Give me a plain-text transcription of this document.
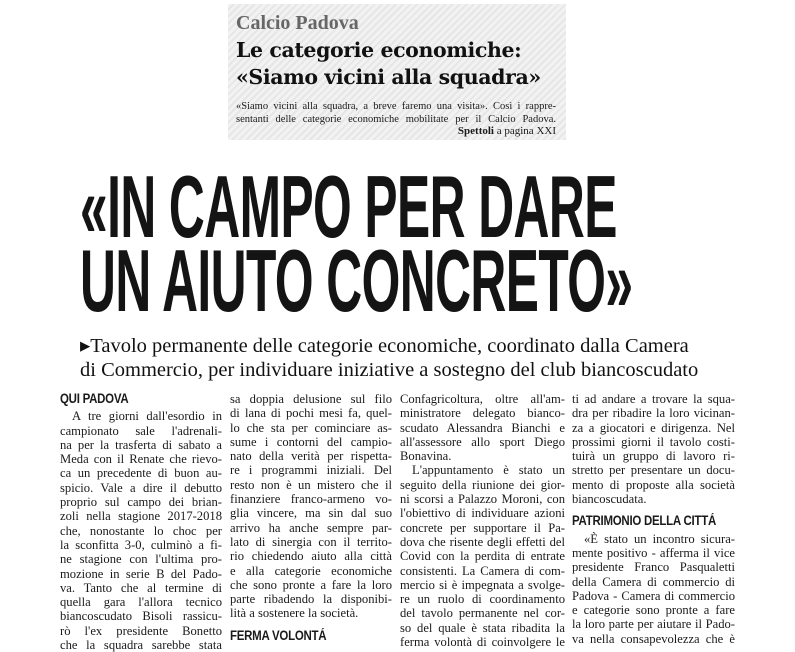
Calcio Padova
Le categorie economiche:
«Siamo vicini alla squadra»
«Siamo vicini alla squadra, a breve faremo una visita». Così i rappre-
sentanti delle categorie economiche mobilitate per il Calcio Padova.
Spettoli a pagina XXI
«IN CAMPO PER DARE
UN AIUTO CONCRETO»
▸Tavolo permanente delle categorie economiche, coordinato dalla Camera
di Commercio, per individuare iniziative a sostegno del club biancoscudato
QUI PADOVA
A tre giorni dall'esordio in
campionato sale l'adrenali-
na per la trasferta di sabato a
Meda con il Renate che rievo-
ca un precedente di buon au-
spicio. Vale a dire il debutto
proprio sul campo dei brian-
zoli nella stagione 2017-2018
che, nonostante lo choc per
la sconfitta 3-0, culminò a fi-
ne stagione con l'ultima pro-
mozione in serie B del Pado-
va. Tanto che al termine di
quella gara l'allora tecnico
biancoscudato Bisoli rassicu-
rò l'ex presidente Bonetto
che la squadra sarebbe stata
sa doppia delusione sul filo
di lana di pochi mesi fa, quel-
lo che sta per cominciare as-
sume i contorni del campio-
nato della verità per rispetta-
re i programmi iniziali. Del
resto non è un mistero che il
finanziere franco-armeno vo-
glia vincere, ma sin dal suo
arrivo ha anche sempre par-
lato di sinergia con il territo-
rio chiedendo aiuto alla città
e alla categorie economiche
che sono pronte a fare la loro
parte ribadendo la disponibi-
lità a sostenere la società.
FERMA VOLONTÁ
Confagricoltura, oltre all'am-
ministratore delegato bianco-
scudato Alessandra Bianchi e
all'assessore allo sport Diego
Bonavina.
L'appuntamento è stato un
seguito della riunione dei gior-
ni scorsi a Palazzo Moroni, con
l'obiettivo di individuare azioni
concrete per supportare il Pa-
dova che risente degli effetti del
Covid con la perdita di entrate
consistenti. La Camera di com-
mercio si è impegnata a svolge-
re un ruolo di coordinamento
del tavolo permanente nel cor-
so del quale è stata ribadita la
ferma volontà di coinvolgere le
ti ad andare a trovare la squa-
dra per ribadire la loro vicinan-
za a giocatori e dirigenza. Nel
prossimi giorni il tavolo costi-
tuirà un gruppo di lavoro ri-
stretto per presentare un docu-
mento di proposte alla società
biancoscudata.
PATRIMONIO DELLA CITTÁ
«È stato un incontro sicura-
mente positivo - afferma il vice
presidente Franco Pasqualetti
della Camera di commercio di
Padova - Camera di commercio
e categorie sono pronte a fare
la loro parte per aiutare il Pado-
va nella consapevolezza che è
